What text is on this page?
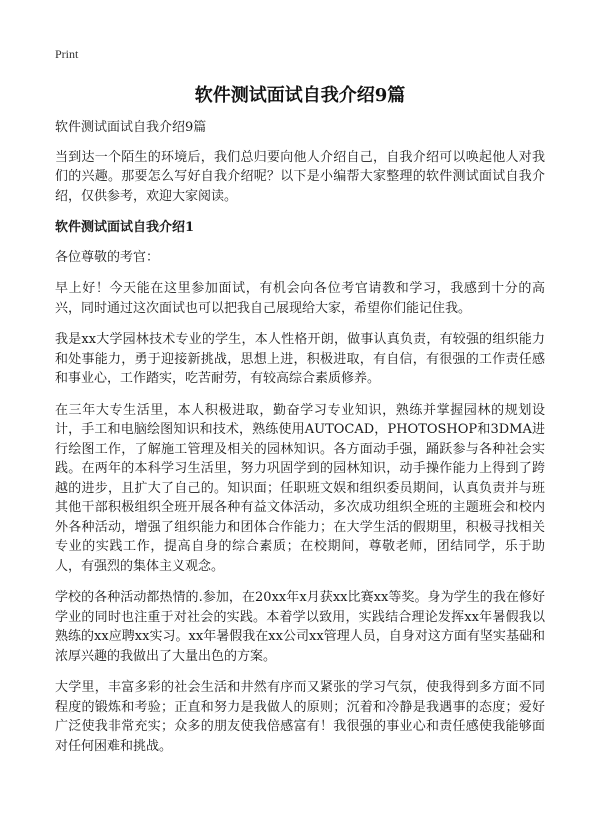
Print
软件测试面试自我介绍9篇

软件测试面试自我介绍9篇

当到达一个陌生的环境后，我们总归要向他人介绍自己，自我介绍可以唤起他人对我们的兴趣。那要怎么写好自我介绍呢？以下是小编帮大家整理的软件测试面试自我介绍，仅供参考，欢迎大家阅读。

软件测试面试自我介绍1

各位尊敬的考官：

早上好！今天能在这里参加面试，有机会向各位考官请教和学习，我感到十分的高兴，同时通过这次面试也可以把我自己展现给大家，希望你们能记住我。

我是xx大学园林技术专业的学生，本人性格开朗，做事认真负责，有较强的组织能力和处事能力，勇于迎接新挑战，思想上进，积极进取，有自信，有很强的工作责任感和事业心，工作踏实，吃苦耐劳，有较高综合素质修养。

在三年大专生活里，本人积极进取，勤奋学习专业知识，熟练并掌握园林的规划设计，手工和电脑绘图知识和技术，熟练使用AUTOCAD，PHOTOSHOP和3DMA进行绘图工作，了解施工管理及相关的园林知识。各方面动手强，踊跃参与各种社会实践。在两年的本科学习生活里，努力巩固学到的园林知识，动手操作能力上得到了跨越的进步，且扩大了自己的。知识面；任职班文娱和组织委员期间，认真负责并与班其他干部积极组织全班开展各种有益文体活动，多次成功组织全班的主题班会和校内外各种活动，增强了组织能力和团体合作能力；在大学生活的假期里，积极寻找相关专业的实践工作，提高自身的综合素质；在校期间，尊敬老师，团结同学，乐于助人，有强烈的集体主义观念。

学校的各种活动都热情的.参加，在20xx年x月获xx比赛xx等奖。身为学生的我在修好学业的同时也注重于对社会的实践。本着学以致用，实践结合理论发挥xx年暑假我以熟练的xx应聘xx实习。xx年暑假我在xx公司xx管理人员，自身对这方面有坚实基础和浓厚兴趣的我做出了大量出色的方案。

大学里，丰富多彩的社会生活和井然有序而又紧张的学习气氛，使我得到多方面不同程度的锻炼和考验；正直和努力是我做人的原则；沉着和冷静是我遇事的态度；爱好广泛使我非常充实；众多的朋友使我倍感富有！我很强的事业心和责任感使我能够面对任何困难和挑战。
